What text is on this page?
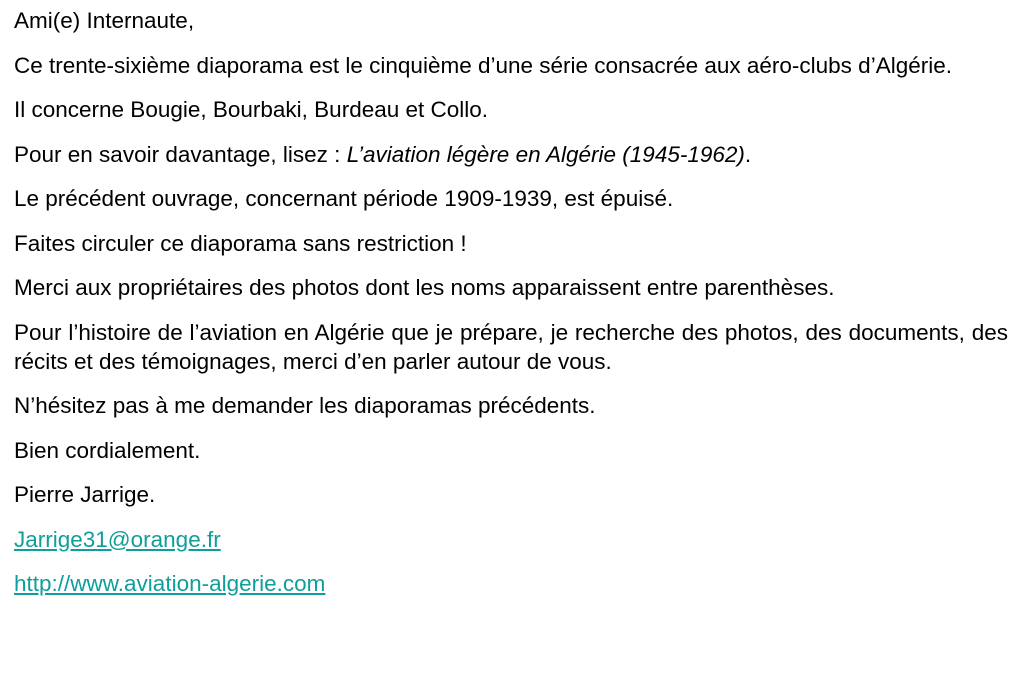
Ami(e) Internaute,

Ce trente-sixième diaporama est le cinquième d’une série consacrée aux aéro-clubs d’Algérie.

Il concerne Bougie, Bourbaki, Burdeau et Collo.

Pour en savoir davantage, lisez : L’aviation légère en Algérie (1945-1962).

Le précédent ouvrage, concernant période 1909-1939, est épuisé.

Faites circuler ce diaporama sans restriction !

Merci aux propriétaires des photos dont les noms apparaissent entre parenthèses.

Pour l’histoire de l’aviation en Algérie que je prépare, je recherche des photos, des documents, des récits et des témoignages, merci d’en parler autour de vous.

N’hésitez pas à me demander les diaporamas précédents.

Bien cordialement.

Pierre Jarrige.

Jarrige31@orange.fr

http://www.aviation-algerie.com
